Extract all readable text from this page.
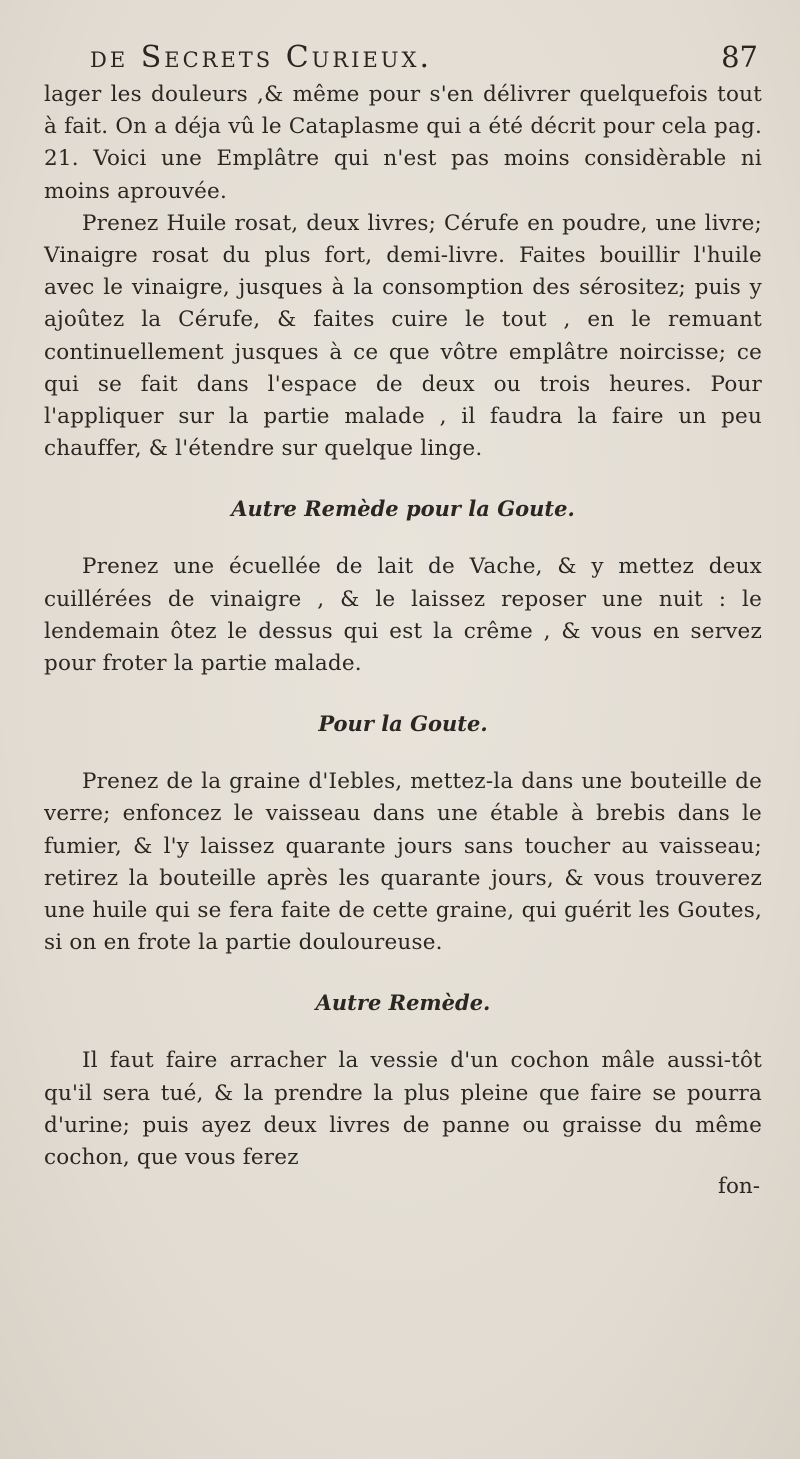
de Secrets Curieux.	87

lager les douleurs ,& même pour s'en délivrer quelquefois tout à fait. On a déja vû le Cataplasme qui a été décrit pour cela pag. 21. Voici une Emplâtre qui n'est pas moins considèrable ni moins aprouvée.

Prenez Huile rosat, deux livres; Cérufe en poudre, une livre; Vinaigre rosat du plus fort, demi-livre. Faites bouillir l'huile avec le vinaigre, jusques à la consomption des sérositez; puis y ajoûtez la Cérufe, & faites cuire le tout , en le remuant continuellement jusques à ce que vôtre emplâtre noircisse; ce qui se fait dans l'espace de deux ou trois heures. Pour l'appliquer sur la partie malade , il faudra la faire un peu chauffer, & l'étendre sur quelque linge.

Autre Remède pour la Goute.

Prenez une écuellée de lait de Vache, & y mettez deux cuillérées de vinaigre , & le laissez reposer une nuit : le lendemain ôtez le dessus qui est la crême , & vous en servez pour froter la partie malade.

Pour la Goute.

Prenez de la graine d'Iebles, mettez-la dans une bouteille de verre; enfoncez le vaisseau dans une étable à brebis dans le fumier, & l'y laissez quarante jours sans toucher au vaisseau; retirez la bouteille après les quarante jours, & vous trouverez une huile qui se fera faite de cette graine, qui guérit les Goutes, si on en frote la partie douloureuse.

Autre Remède.

Il faut faire arracher la vessie d'un cochon mâle aussi-tôt qu'il sera tué, & la prendre la plus pleine que faire se pourra d'urine; puis ayez deux livres de panne ou graisse du même cochon, que vous ferez

fon-
